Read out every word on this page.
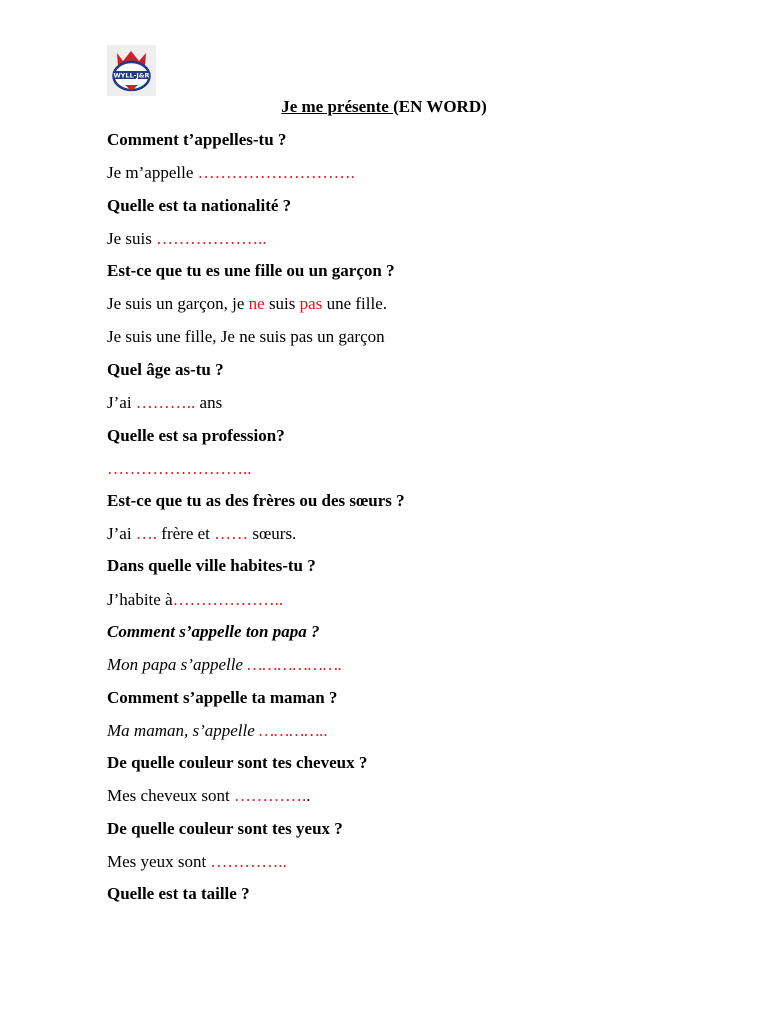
WYLL-J&R
Je me présente (EN WORD)
Comment t’appelles-tu ?
Je m’appelle ……………………….
Quelle est ta nationalité ?
Je suis ………………..
Est-ce que tu es une fille ou un garçon ?
Je suis un garçon, je ne suis pas une fille.
Je suis une fille, Je ne suis pas un garçon
Quel âge as-tu ?
J’ai ……….. ans
Quelle est sa profession?
……………………..
Est-ce que tu as des frères ou des sœurs ?
J’ai …. frère et …… sœurs.
Dans quelle ville habites-tu ?
J’habite à………………..
Comment s’appelle ton papa ?
Mon papa s’appelle ……………….
Comment s’appelle ta maman ?
Ma maman, s’appelle …………..
De quelle couleur sont tes cheveux ?
Mes cheveux sont …………..
De quelle couleur sont tes yeux ?
Mes yeux sont …………..
Quelle est ta taille ?
